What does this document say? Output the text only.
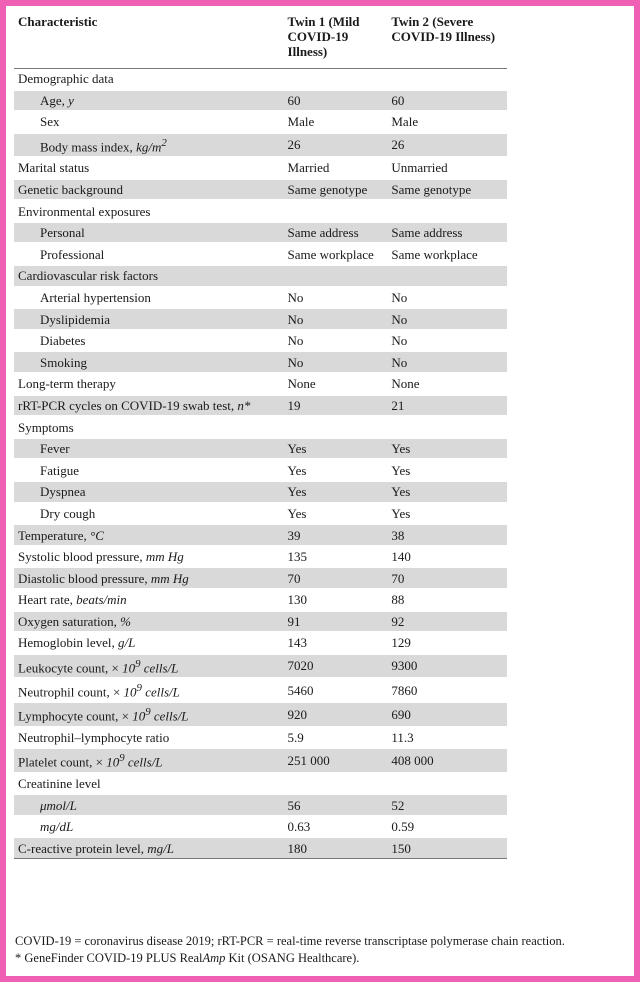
Characteristic	Twin 1 (Mild COVID-19 Illness)	Twin 2 (Severe COVID-19 Illness)
Demographic data		
Age, y	60	60
Sex	Male	Male
Body mass index, $kg/m^2$	26	26
Marital status	Married	Unmarried
Genetic background	Same genotype	Same genotype
Environmental exposures		
Personal	Same address	Same address
Professional	Same workplace	Same workplace
Cardiovascular risk factors		
Arterial hypertension	No	No
Dyslipidemia	No	No
Diabetes	No	No
Smoking	No	No
Long-term therapy	None	None
rRT-PCR cycles on COVID-19 swab test, n*	19	21
Symptoms		
Fever	Yes	Yes
Fatigue	Yes	Yes
Dyspnea	Yes	Yes
Dry cough	Yes	Yes
Temperature, °C	39	38
Systolic blood pressure, mm Hg	135	140
Diastolic blood pressure, mm Hg	70	70
Heart rate, beats/min	130	88
Oxygen saturation, %	91	92
Hemoglobin level, g/L	143	129
Leukocyte count, × $10^9$ cells/L	7020	9300
Neutrophil count, × $10^9$ cells/L	5460	7860
Lymphocyte count, × $10^9$ cells/L	920	690
Neutrophil–lymphocyte ratio	5.9	11.3
Platelet count, × $10^9$ cells/L	251 000	408 000
Creatinine level		
μmol/L	56	52
mg/dL	0.63	0.59
C-reactive protein level, mg/L	180	150

COVID-19 = coronavirus disease 2019; rRT-PCR = real-time reverse transcriptase polymerase chain reaction.

* GeneFinder COVID-19 PLUS RealAmp Kit (OSANG Healthcare).
